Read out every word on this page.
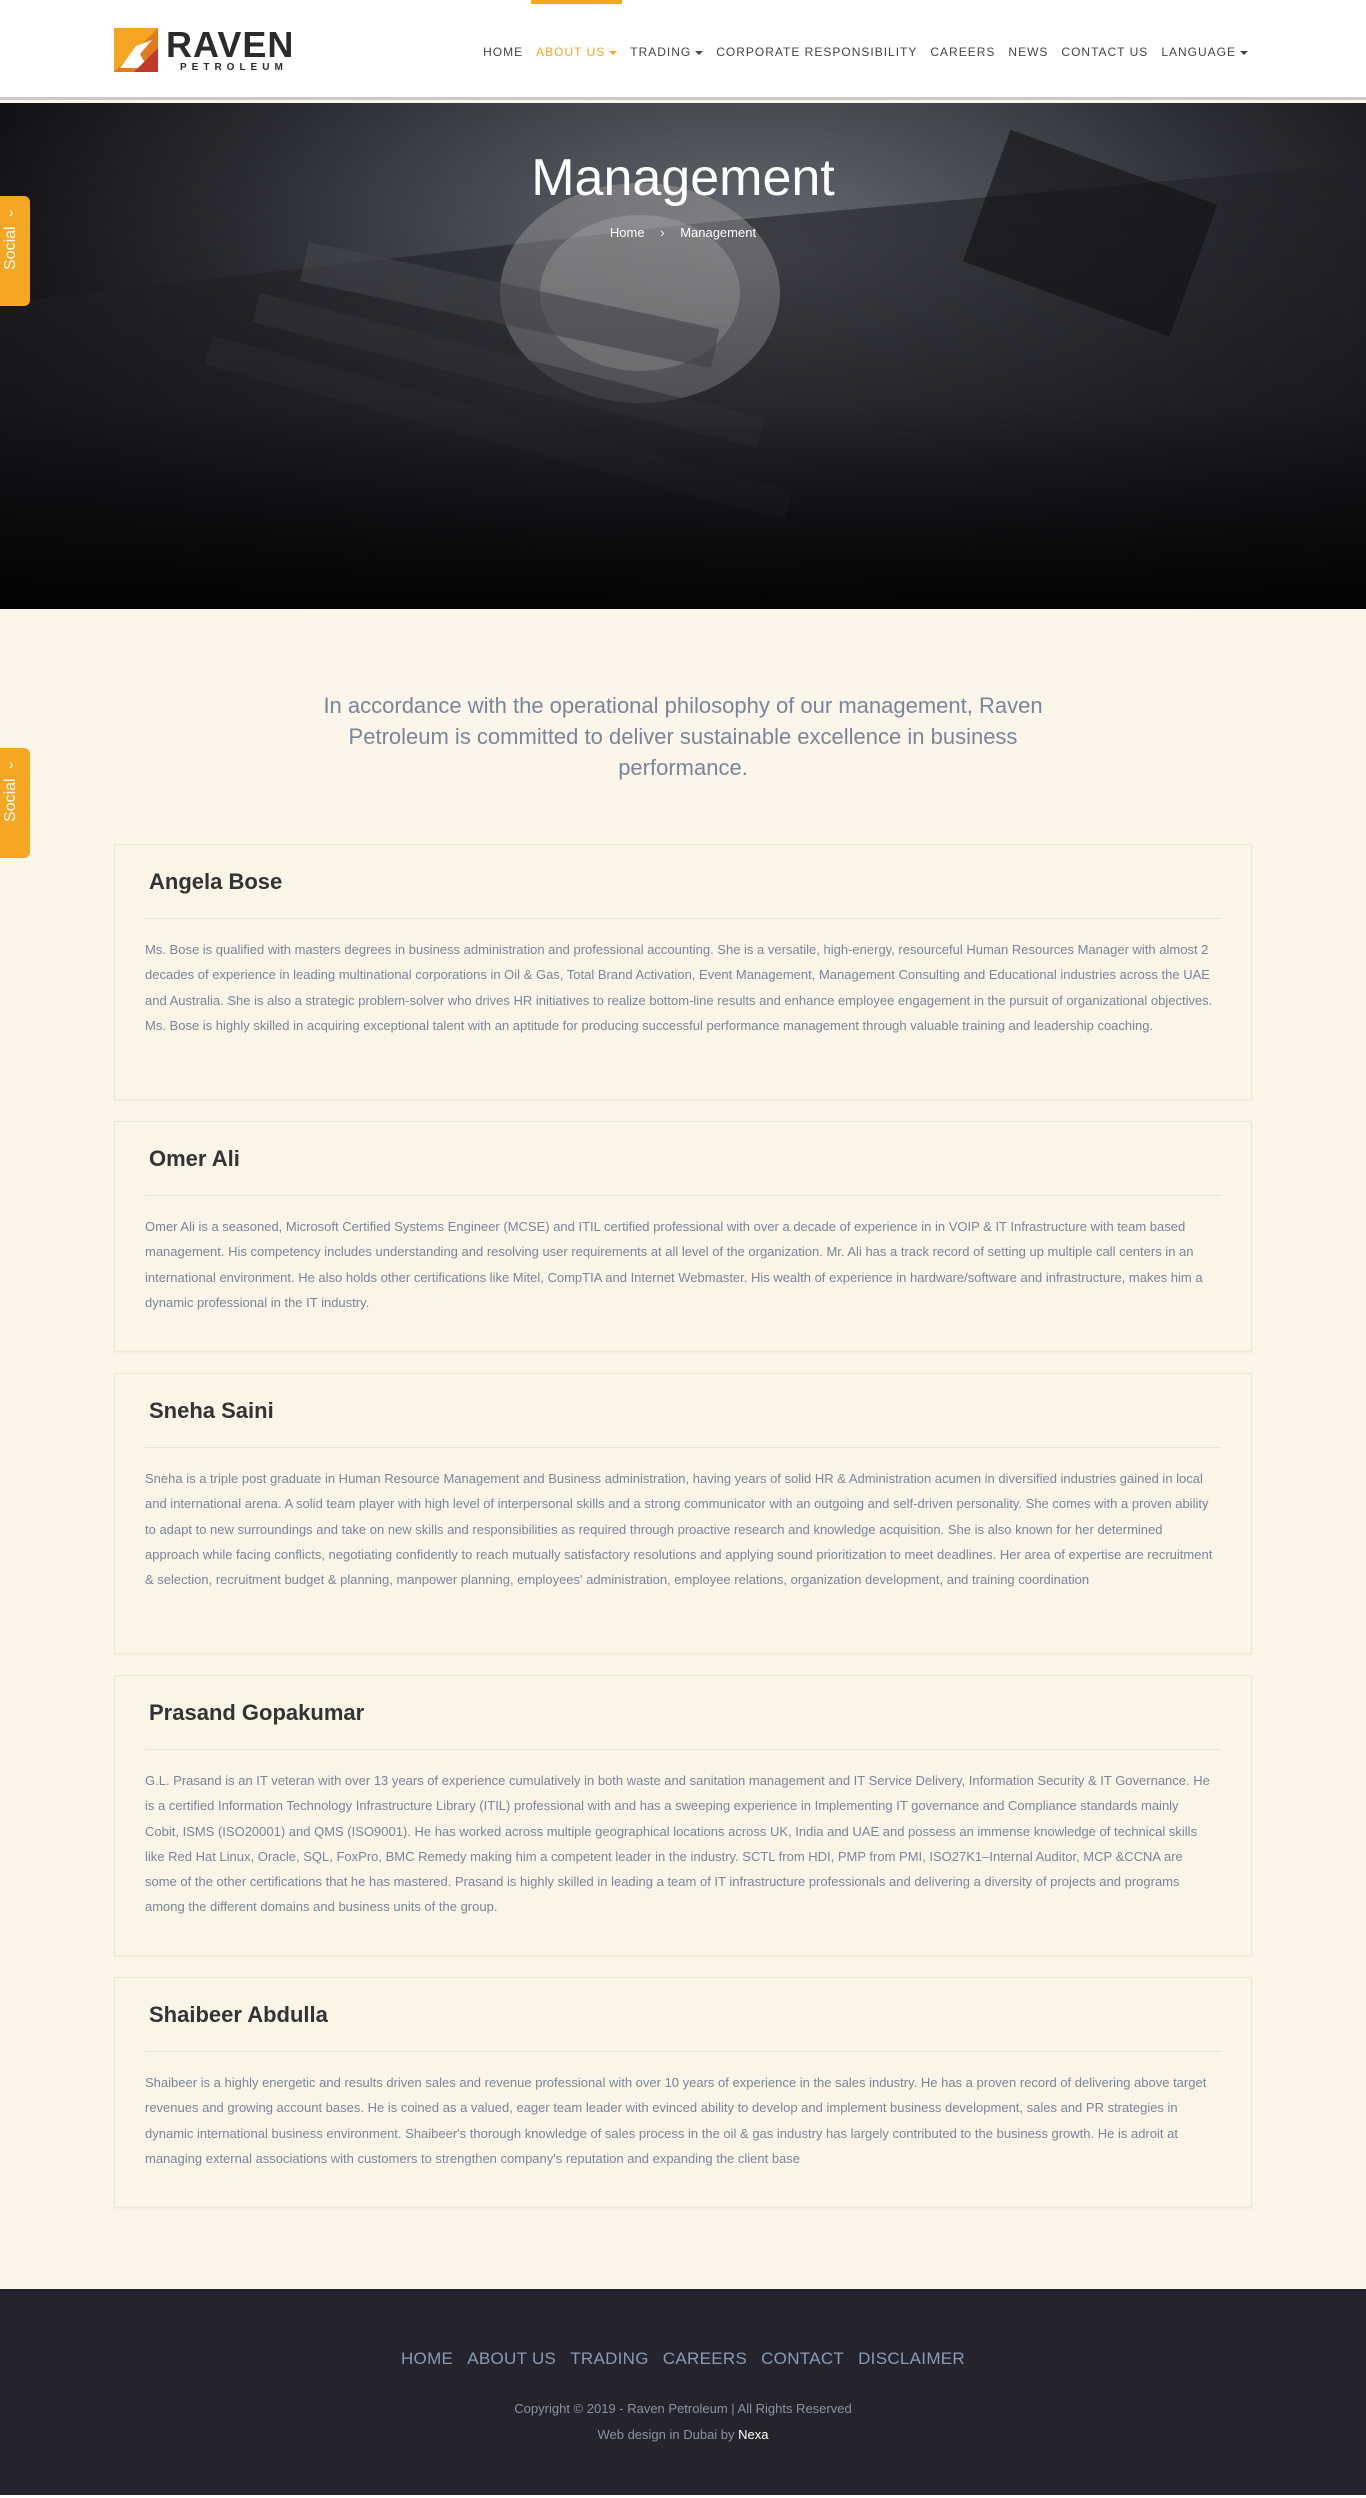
RAVEN
PETROLEUM
HOME ABOUT US	TRADING	CORPORATE RESPONSIBILITY CAREERS NEWS CONTACT US LANGUAGE
Management
Home › Management
›
Social
›
Social
In accordance with the operational philosophy of our management, Raven Petroleum is committed to deliver sustainable excellence in business performance.
Angela Bose
Ms. Bose is qualified with masters degrees in business administration and professional accounting. She is a versatile, high-energy, resourceful Human Resources Manager with almost 2 decades of experience in leading multinational corporations in Oil & Gas, Total Brand Activation, Event Management, Management Consulting and Educational industries across the UAE and Australia. She is also a strategic problem-solver who drives HR initiatives to realize bottom-line results and enhance employee engagement in the pursuit of organizational objectives. Ms. Bose is highly skilled in acquiring exceptional talent with an aptitude for producing successful performance management through valuable training and leadership coaching.
Omer Ali
Omer Ali is a seasoned, Microsoft Certified Systems Engineer (MCSE) and ITIL certified professional with over a decade of experience in in VOIP & IT Infrastructure with team based management. His competency includes understanding and resolving user requirements at all level of the organization. Mr. Ali has a track record of setting up multiple call centers in an international environment. He also holds other certifications like Mitel, CompTIA and Internet Webmaster. His wealth of experience in hardware/software and infrastructure, makes him a dynamic professional in the IT industry.
Sneha Saini
Sneha is a triple post graduate in Human Resource Management and Business administration, having years of solid HR & Administration acumen in diversified industries gained in local and international arena. A solid team player with high level of interpersonal skills and a strong communicator with an outgoing and self-driven personality. She comes with a proven ability to adapt to new surroundings and take on new skills and responsibilities as required through proactive research and knowledge acquisition. She is also known for her determined approach while facing conflicts, negotiating confidently to reach mutually satisfactory resolutions and applying sound prioritization to meet deadlines. Her area of expertise are recruitment & selection, recruitment budget & planning, manpower planning, employees' administration, employee relations, organization development, and training coordination
Prasand Gopakumar
G.L. Prasand is an IT veteran with over 13 years of experience cumulatively in both waste and sanitation management and IT Service Delivery, Information Security & IT Governance. He is a certified Information Technology Infrastructure Library (ITIL) professional with and has a sweeping experience in Implementing IT governance and Compliance standards mainly Cobit, ISMS (ISO20001) and QMS (ISO9001). He has worked across multiple geographical locations across UK, India and UAE and possess an immense knowledge of technical skills like Red Hat Linux, Oracle, SQL, FoxPro, BMC Remedy making him a competent leader in the industry. SCTL from HDI, PMP from PMI, ISO27K1–Internal Auditor, MCP &CCNA are some of the other certifications that he has mastered. Prasand is highly skilled in leading a team of IT infrastructure professionals and delivering a diversity of projects and programs among the different domains and business units of the group.
Shaibeer Abdulla
Shaibeer is a highly energetic and results driven sales and revenue professional with over 10 years of experience in the sales industry. He has a proven record of delivering above target revenues and growing account bases. He is coined as a valued, eager team leader with evinced ability to develop and implement business development, sales and PR strategies in dynamic international business environment. Shaibeer's thorough knowledge of sales process in the oil & gas industry has largely contributed to the business growth. He is adroit at managing external associations with customers to strengthen company's reputation and expanding the client base
HOME ABOUT US TRADING CAREERS CONTACT DISCLAIMER
Copyright © 2019 - Raven Petroleum | All Rights Reserved
Web design in Dubai by Nexa
